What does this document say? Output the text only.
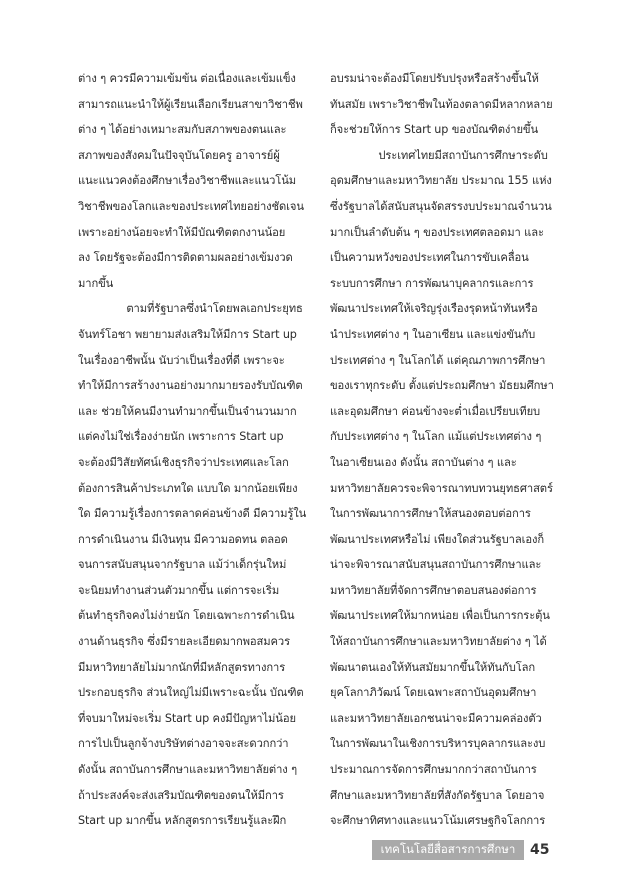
ต่าง ๆ ควรมีความเข้มข้น ต่อเนื่องและเข้มแข็ง
สามารถแนะนำให้ผู้เรียนเลือกเรียนสาขาวิชาชีพ
ต่าง ๆ ได้อย่างเหมาะสมกับสภาพของตนและ
สภาพของสังคมในปัจจุบันโดยครู อาจารย์ผู้
แนะแนวคงต้องศึกษาเรื่องวิชาชีพและแนวโน้ม
วิชาชีพของโลกและของประเทศไทยอย่างชัดเจน
เพราะอย่างน้อยจะทำให้มีบัณฑิตตกงานน้อย
ลง โดยรัฐจะต้องมีการติดตามผลอย่างเข้มงวด
มากขึ้น
ตามที่รัฐบาลซึ่งนำโดยพลเอกประยุทธ
จันทร์โอชา พยายามส่งเสริมให้มีการ Start up
ในเรื่องอาชีพนั้น นับว่าเป็นเรื่องที่ดี เพราะจะ
ทำให้มีการสร้างงานอย่างมากมายรองรับบัณฑิต
และ ช่วยให้คนมีงานทำมากขึ้นเป็นจำนวนมาก
แต่คงไม่ใช่เรื่องง่ายนัก เพราะการ Start up
จะต้องมีวิสัยทัศน์เชิงธุรกิจว่าประเทศและโลก
ต้องการสินค้าประเภทใด แบบใด มากน้อยเพียง
ใด มีความรู้เรื่องการตลาดค่อนข้างดี มีความรู้ใน
การดำเนินงาน มีเงินทุน มีความอดทน ตลอด
จนการสนับสนุนจากรัฐบาล แม้ว่าเด็กรุ่นใหม่
จะนิยมทำงานส่วนตัวมากขึ้น แต่การจะเริ่ม
ต้นทำธุรกิจคงไม่ง่ายนัก โดยเฉพาะการดำเนิน
งานด้านธุรกิจ ซึ่งมีรายละเอียดมากพอสมควร
มีมหาวิทยาลัยไม่มากนักที่มีหลักสูตรทางการ
ประกอบธุรกิจ ส่วนใหญ่ไม่มีเพราะฉะนั้น บัณฑิต
ที่จบมาใหม่จะเริ่ม Start up คงมีปัญหาไม่น้อย
การไปเป็นลูกจ้างบริษัทต่างอาจจะสะดวกกว่า
ดังนั้น สถาบันการศึกษาและมหาวิทยาลัยต่าง ๆ
ถ้าประสงค์จะส่งเสริมบัณฑิตของตนให้มีการ
Start up มากขึ้น หลักสูตรการเรียนรู้และฝึก
อบรมน่าจะต้องมีโดยปรับปรุงหรือสร้างขึ้นให้
ทันสมัย เพราะวิชาชีพในท้องตลาดมีหลากหลาย
ก็จะช่วยให้การ Start up ของบัณฑิตง่ายขึ้น
ประเทศไทยมีสถาบันการศึกษาระดับ
อุดมศึกษาและมหาวิทยาลัย ประมาณ 155 แห่ง
ซึ่งรัฐบาลได้สนับสนุนจัดสรรงบประมาณจำนวน
มากเป็นลำดับต้น ๆ ของประเทศตลอดมา และ
เป็นความหวังของประเทศในการขับเคลื่อน
ระบบการศึกษา การพัฒนาบุคลากรและการ
พัฒนาประเทศให้เจริญรุ่งเรืองรุดหน้าทันหรือ
นำประเทศต่าง ๆ ในอาเซียน และแข่งขันกับ
ประเทศต่าง ๆ ในโลกได้ แต่คุณภาพการศึกษา
ของเราทุกระดับ ตั้งแต่ประถมศึกษา มัธยมศึกษา
และอุดมศึกษา ค่อนข้างจะต่ำเมื่อเปรียบเทียบ
กับประเทศต่าง ๆ ในโลก แม้แต่ประเทศต่าง ๆ
ในอาเซียนเอง ดังนั้น สถาบันต่าง ๆ และ
มหาวิทยาลัยควรจะพิจารณาทบทวนยุทธศาสตร์
ในการพัฒนาการศึกษาให้สนองตอบต่อการ
พัฒนาประเทศหรือไม่ เพียงใดส่วนรัฐบาลเองก็
น่าจะพิจารณาสนับสนุนสถาบันการศึกษาและ
มหาวิทยาลัยที่จัดการศึกษาตอบสนองต่อการ
พัฒนาประเทศให้มากหน่อย เพื่อเป็นการกระตุ้น
ให้สถาบันการศึกษาและมหาวิทยาลัยต่าง ๆ ได้
พัฒนาตนเองให้ทันสมัยมากขึ้นให้ทันกับโลก
ยุคโลกาภิวัฒน์ โดยเฉพาะสถาบันอุดมศึกษา
และมหาวิทยาลัยเอกชนน่าจะมีความคล่องตัว
ในการพัฒนาในเชิงการบริหารบุคลากรและงบ
ประมาณการจัดการศึกษมากกว่าสถาบันการ
ศึกษาและมหาวิทยาลัยที่สังกัดรัฐบาล โดยอาจ
จะศึกษาทิศทางและแนวโน้มเศรษฐกิจโลกการ
เทคโนโลยีสื่อสารการศึกษา 45
